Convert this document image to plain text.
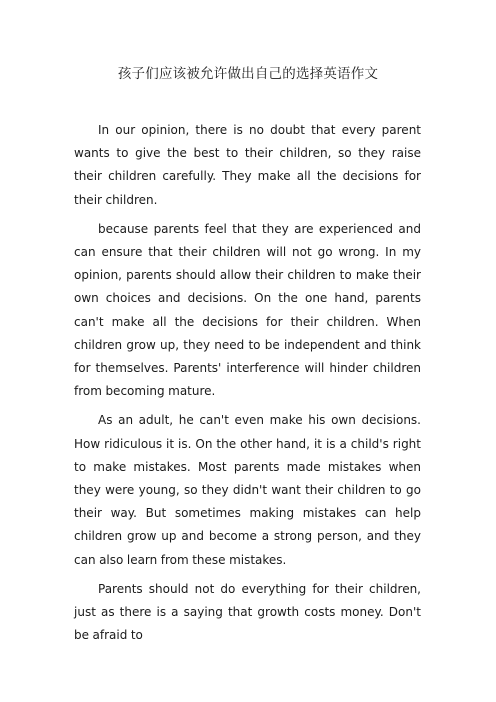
孩子们应该被允许做出自己的选择英语作文

In our opinion, there is no doubt that every parent wants to give the best to their children, so they raise their children carefully. They make all the decisions for their children.

because parents feel that they are experienced and can ensure that their children will not go wrong. In my opinion, parents should allow their children to make their own choices and decisions. On the one hand, parents can't make all the decisions for their children. When children grow up, they need to be independent and think for themselves. Parents' interference will hinder children from becoming mature.

As an adult, he can't even make his own decisions. How ridiculous it is. On the other hand, it is a child's right to make mistakes. Most parents made mistakes when they were young, so they didn't want their children to go their way. But sometimes making mistakes can help children grow up and become a strong person, and they can also learn from these mistakes.

Parents should not do everything for their children, just as there is a saying that growth costs money. Don't be afraid to
